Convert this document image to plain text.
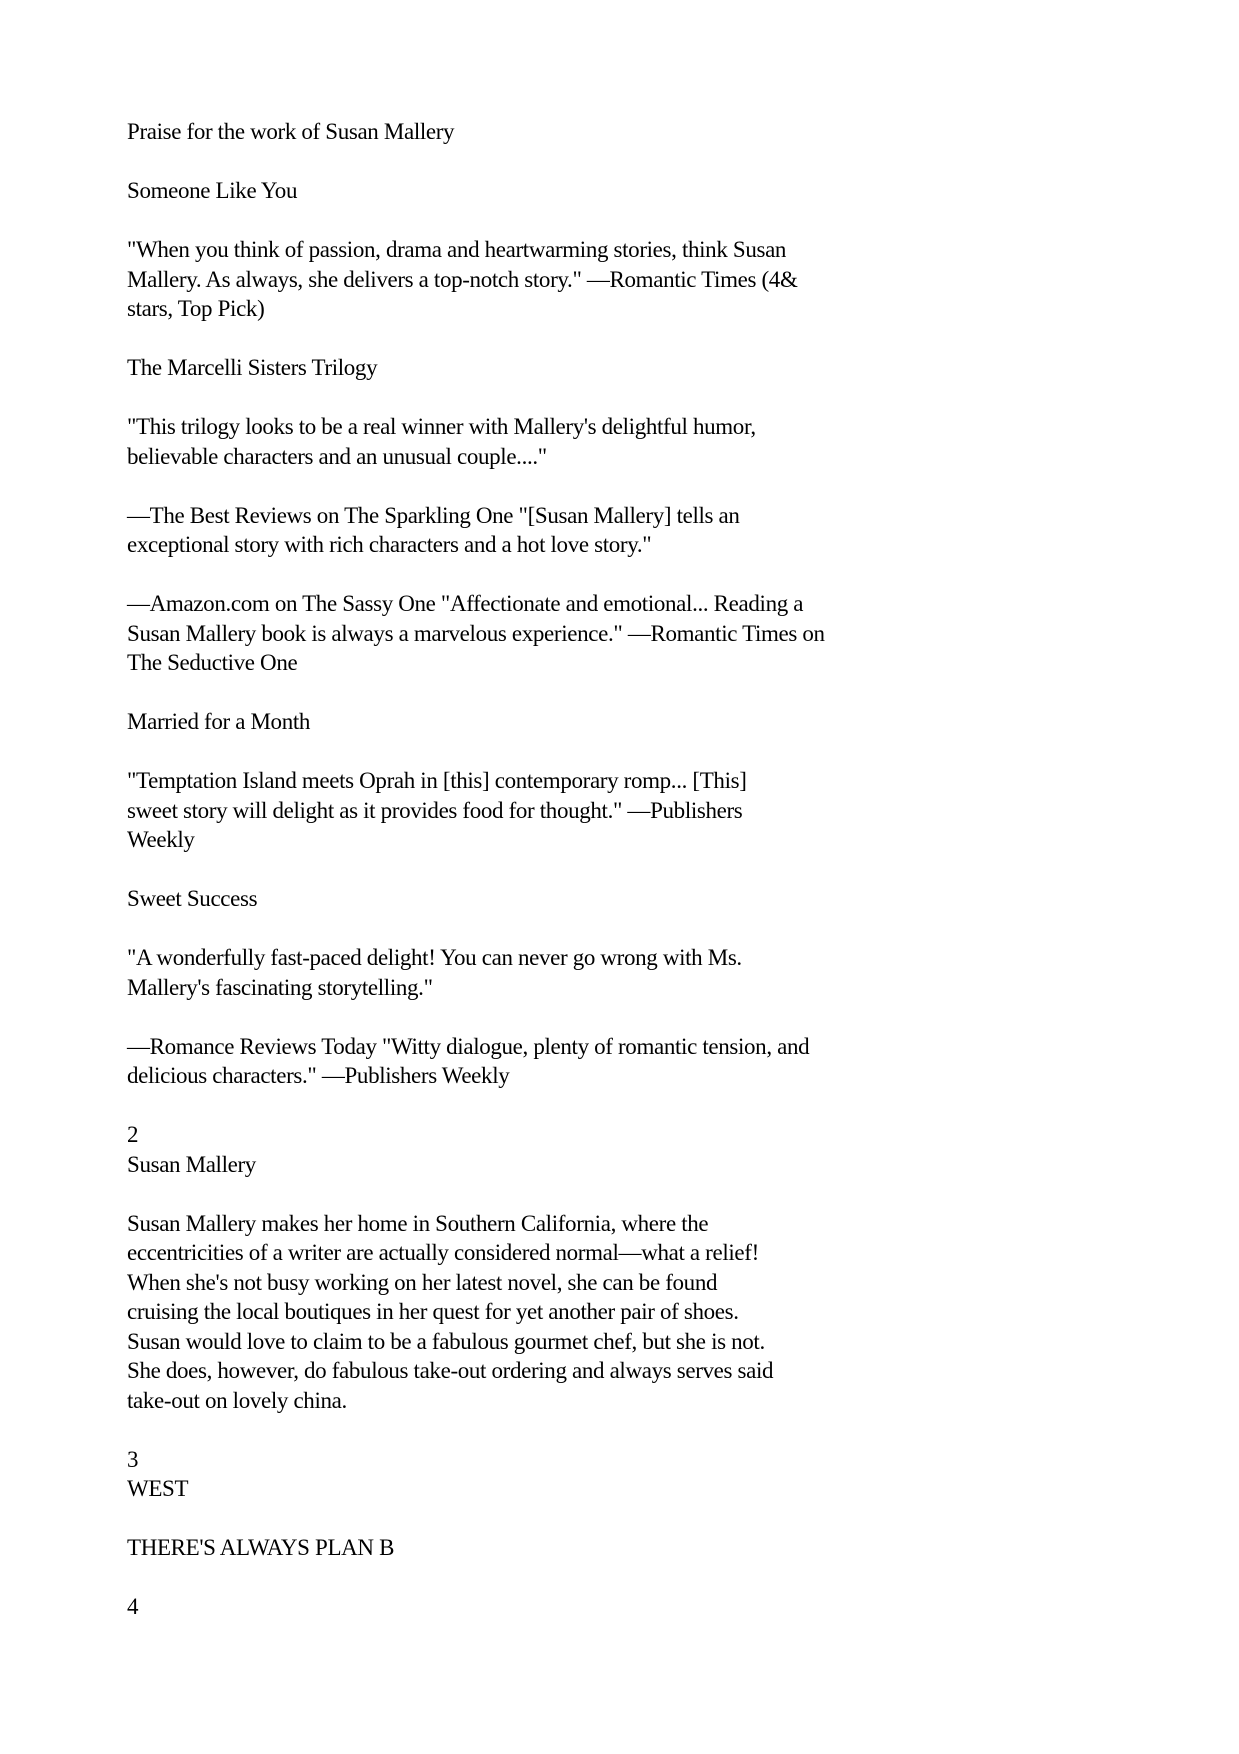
Praise for the work of Susan Mallery

Someone Like You

"When you think of passion, drama and heartwarming stories, think Susan
Mallery. As always, she delivers a top-notch story." —Romantic Times (4&
stars, Top Pick)

The Marcelli Sisters Trilogy

"This trilogy looks to be a real winner with Mallery's delightful humor,
believable characters and an unusual couple...."

—The Best Reviews on The Sparkling One "[Susan Mallery] tells an
exceptional story with rich characters and a hot love story."

—Amazon.com on The Sassy One "Affectionate and emotional... Reading a
Susan Mallery book is always a marvelous experience." —Romantic Times on
The Seductive One

Married for a Month

"Temptation Island meets Oprah in [this] contemporary romp... [This]
sweet story will delight as it provides food for thought." —Publishers
Weekly

Sweet Success

"A wonderfully fast-paced delight! You can never go wrong with Ms.
Mallery's fascinating storytelling."

—Romance Reviews Today "Witty dialogue, plenty of romantic tension, and
delicious characters." —Publishers Weekly

2

Susan Mallery

Susan Mallery makes her home in Southern California, where the
eccentricities of a writer are actually considered normal—what a relief!
When she's not busy working on her latest novel, she can be found
cruising the local boutiques in her quest for yet another pair of shoes.
Susan would love to claim to be a fabulous gourmet chef, but she is not.
She does, however, do fabulous take-out ordering and always serves said
take-out on lovely china.

3

WEST

THERE'S ALWAYS PLAN B

4
